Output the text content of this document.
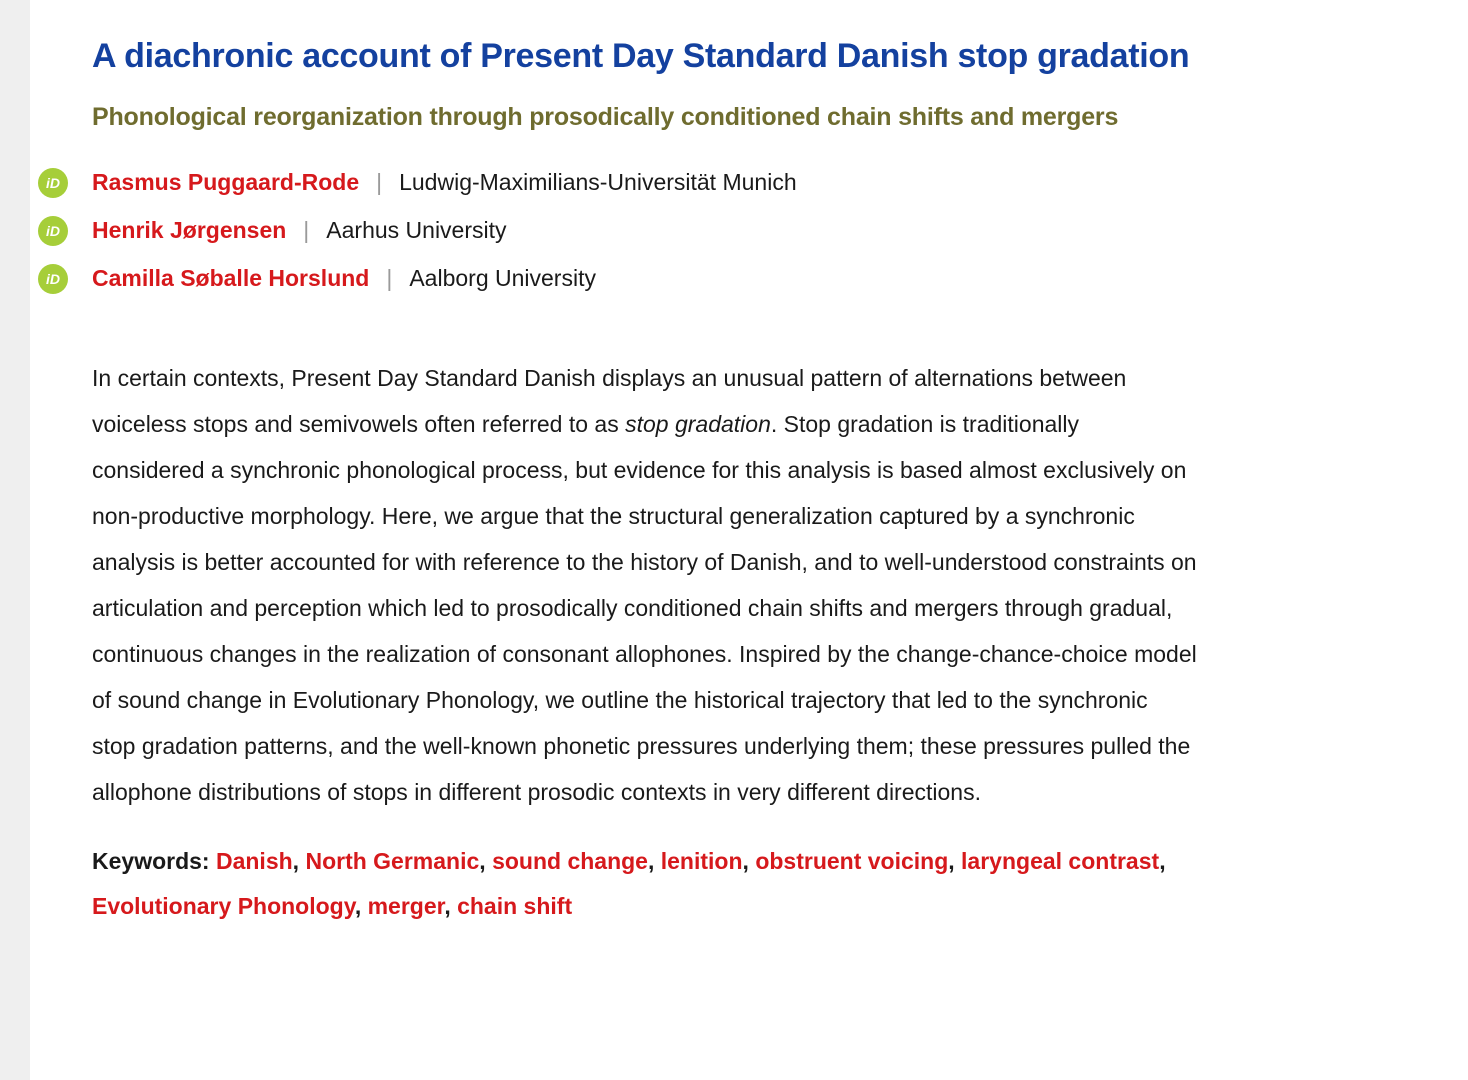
A diachronic account of Present Day Standard Danish stop gradation
Phonological reorganization through prosodically conditioned chain shifts and mergers
iD	Rasmus Puggaard-Rode | Ludwig-Maximilians-Universität Munich
iD	Henrik Jørgensen | Aarhus University
iD	Camilla Søballe Horslund | Aalborg University

In certain contexts, Present Day Standard Danish displays an unusual pattern of alternations between voiceless stops and semivowels often referred to as stop gradation. Stop gradation is traditionally considered a synchronic phonological process, but evidence for this analysis is based almost exclusively on non-productive morphology. Here, we argue that the structural generalization captured by a synchronic analysis is better accounted for with reference to the history of Danish, and to well-understood constraints on articulation and perception which led to prosodically conditioned chain shifts and mergers through gradual, continuous changes in the realization of consonant allophones. Inspired by the change-chance-choice model of sound change in Evolutionary Phonology, we outline the historical trajectory that led to the synchronic stop gradation patterns, and the well-known phonetic pressures underlying them; these pressures pulled the allophone distributions of stops in different prosodic contexts in very different directions.

Keywords: Danish, North Germanic, sound change, lenition, obstruent voicing, laryngeal contrast, Evolutionary Phonology, merger, chain shift
